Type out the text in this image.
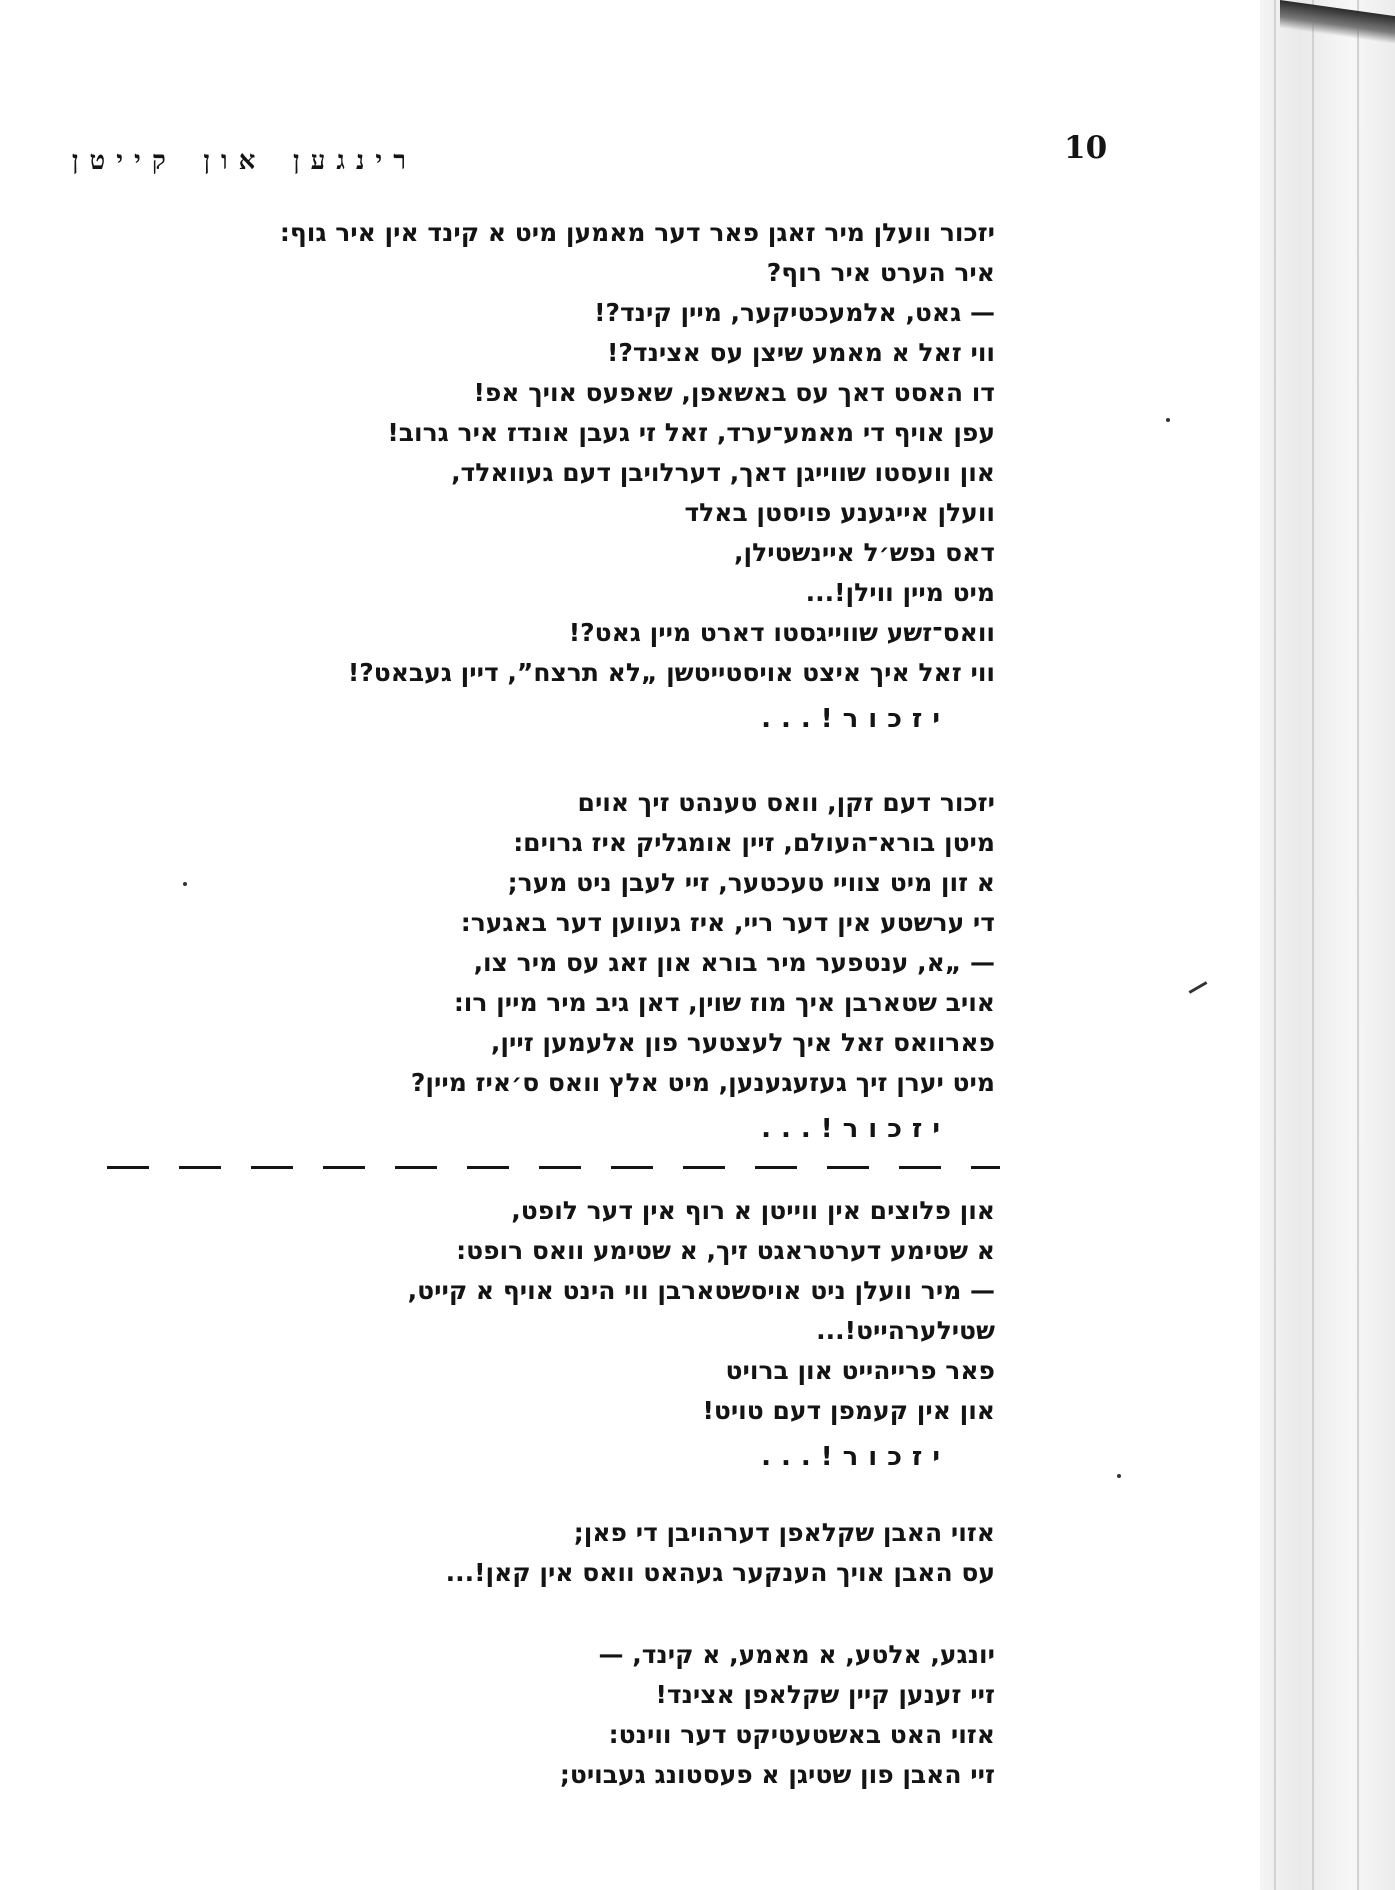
10
רינגען און קייטן
יזכור וועלן מיר זאגן פאר דער מאמען מיט א קינד אין איר גוף:
איר הערט איר רוף?
— גאט, אלמעכטיקער, מיין קינד?!
ווי זאל א מאמע שיצן עס אצינד?!
דו האסט דאך עס באשאפן, שאפעס אויך אפ!
עפן אויף די מאמע־ערד, זאל זי געבן אונדז איר גרוב!
און וועסטו שווייגן דאך, דערלויבן דעם געוואלד,
וועלן אייגענע פויסטן באלד
דאס נפש׳ל איינשטילן,
מיט מיין ווילן!...
וואס־זשע שווייגסטו דארט מיין גאט?!
ווי זאל איך איצט אויסטייטשן „לא תרצח”, דיין געבאט?!
יזכור!...
יזכור דעם זקן, וואס טענהט זיך אוים
מיטן בורא־העולם, זיין אומגליק איז גרוים:
א זון מיט צוויי טעכטער, זיי לעבן ניט מער;
די ערשטע אין דער ריי, איז געווען דער באגער:
— „א, ענטפער מיר בורא און זאג עס מיר צו,
אויב שטארבן איך מוז שוין, דאן גיב מיר מיין רו:
פארוואס זאל איך לעצטער פון אלעמען זיין,
מיט יערן זיך געזעגענען, מיט אלץ וואס ס׳איז מיין?
יזכור!...
און פלוצים אין ווייטן א רוף אין דער לופט,
א שטימע דערטראגט זיך, א שטימע וואס רופט:
— מיר וועלן ניט אויסשטארבן ווי הינט אויף א קייט,
שטילערהייט!...
פאר פרייהייט און ברויט
און אין קעמפן דעם טויט!
יזכור!...
אזוי האבן שקלאפן דערהויבן די פאן;
עס האבן אויך הענקער געהאט וואס אין קאן!...
יונגע, אלטע, א מאמע, א קינד, —
זיי זענען קיין שקלאפן אצינד!
אזוי האט באשטעטיקט דער ווינט:
זיי האבן פון שטיגן א פעסטונג געבויט;
